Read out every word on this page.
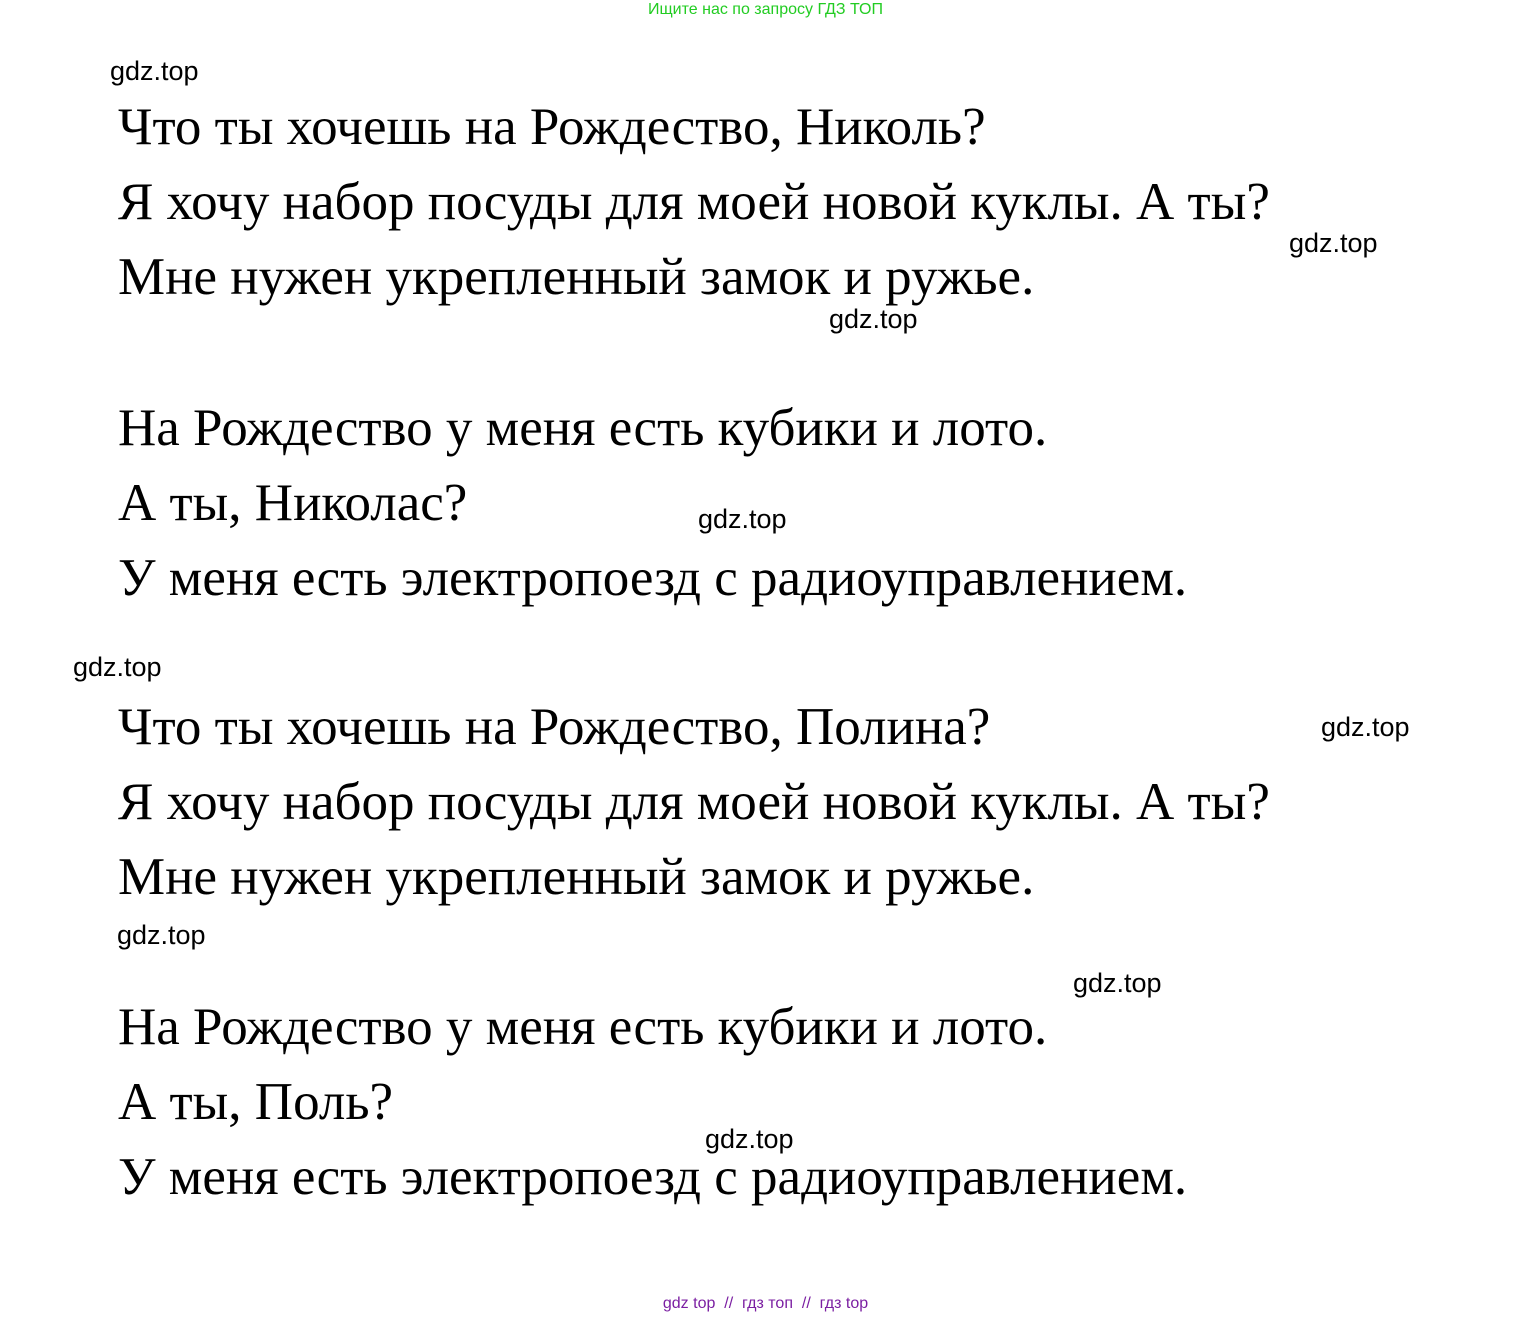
Ищите нас по запросу ГДЗ ТОП
Что ты хочешь на Рождество, Николь?
Я хочу набор посуды для моей новой куклы. А ты?
Мне нужен укрепленный замок и ружье.
На Рождество у меня есть кубики и лото.
А ты, Николас?
У меня есть электропоезд с радиоуправлением.
Что ты хочешь на Рождество, Полина?
Я хочу набор посуды для моей новой куклы. А ты?
Мне нужен укрепленный замок и ружье.
На Рождество у меня есть кубики и лото.
А ты, Поль?
У меня есть электропоезд с радиоуправлением.
gdz.top
gdz.top
gdz.top
gdz.top
gdz.top
gdz.top
gdz.top
gdz.top
gdz.top
gdz top  //  гдз топ  //  гдз top
